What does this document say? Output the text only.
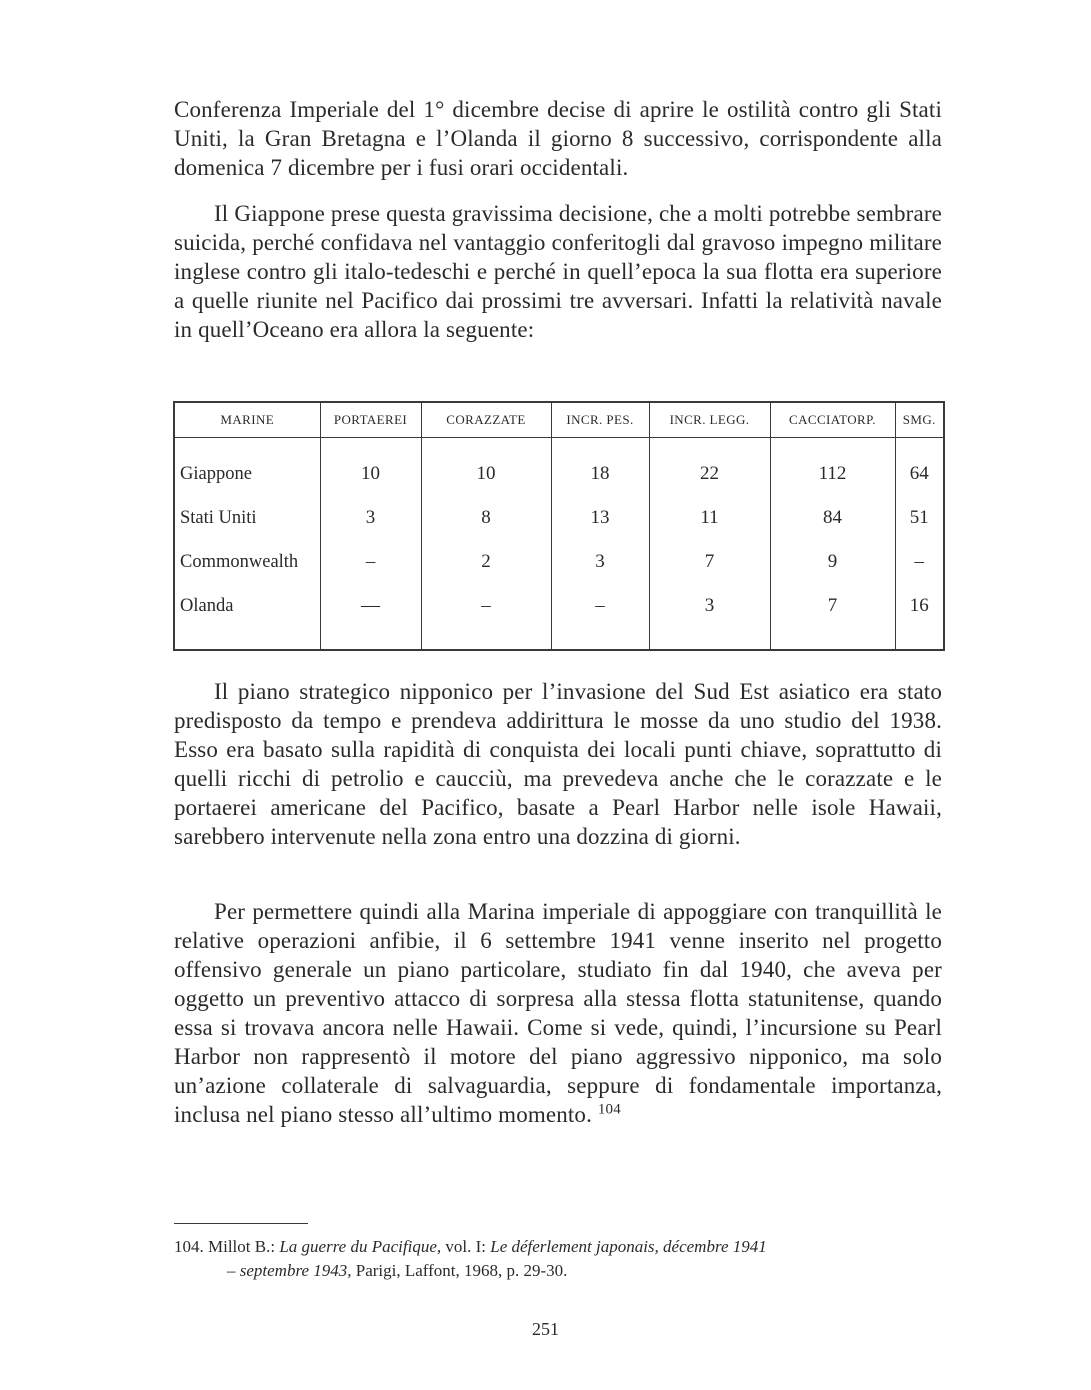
Conferenza Imperiale del 1° dicembre decise di aprire le ostilità contro gli Stati Uniti, la Gran Bretagna e l’Olanda il giorno 8 successivo, corrispondente alla domenica 7 dicembre per i fusi orari occidentali.

Il Giappone prese questa gravissima decisione, che a molti potrebbe sembrare suicida, perché confidava nel vantaggio conferitogli dal gravoso impegno militare inglese contro gli italo-tedeschi e perché in quell’epoca la sua flotta era superiore a quelle riunite nel Pacifico dai prossimi tre avversari. Infatti la relatività navale in quell’Oceano era allora la seguente:

MARINE	PORTAEREI	CORAZZATE	INCR. PES.	INCR. LEGG.	CACCIATORP.	SMG.

Giappone	10	10	18	22	112	64
Stati Uniti	3	8	13	11	84	51
Commonwealth	–	2	3	7	9	–
Olanda	—	–	–	3	7	16

Il piano strategico nipponico per l’invasione del Sud Est asiatico era stato predisposto da tempo e prendeva addirittura le mosse da uno studio del 1938. Esso era basato sulla rapidità di conquista dei locali punti chiave, soprattutto di quelli ricchi di petrolio e caucciù, ma prevedeva anche che le corazzate e le portaerei americane del Pacifico, basate a Pearl Harbor nelle isole Hawaii, sarebbero intervenute nella zona entro una dozzina di giorni.

Per permettere quindi alla Marina imperiale di appoggiare con tranquillità le relative operazioni anfibie, il 6 settembre 1941 venne inserito nel progetto offensivo generale un piano particolare, studiato fin dal 1940, che aveva per oggetto un preventivo attacco di sorpresa alla stessa flotta statunitense, quando essa si trovava ancora nelle Hawaii. Come si vede, quindi, l’incursione su Pearl Harbor non rappresentò il motore del piano aggressivo nipponico, ma solo un’azione collaterale di salvaguardia, seppure di fondamentale importanza, inclusa nel piano stesso all’ultimo momento. $^{104}$

104. Millot B.: La guerre du Pacifique, vol. I: Le déferlement japonais, décembre 1941
– septembre 1943, Parigi, Laffont, 1968, p. 29-30.

251
